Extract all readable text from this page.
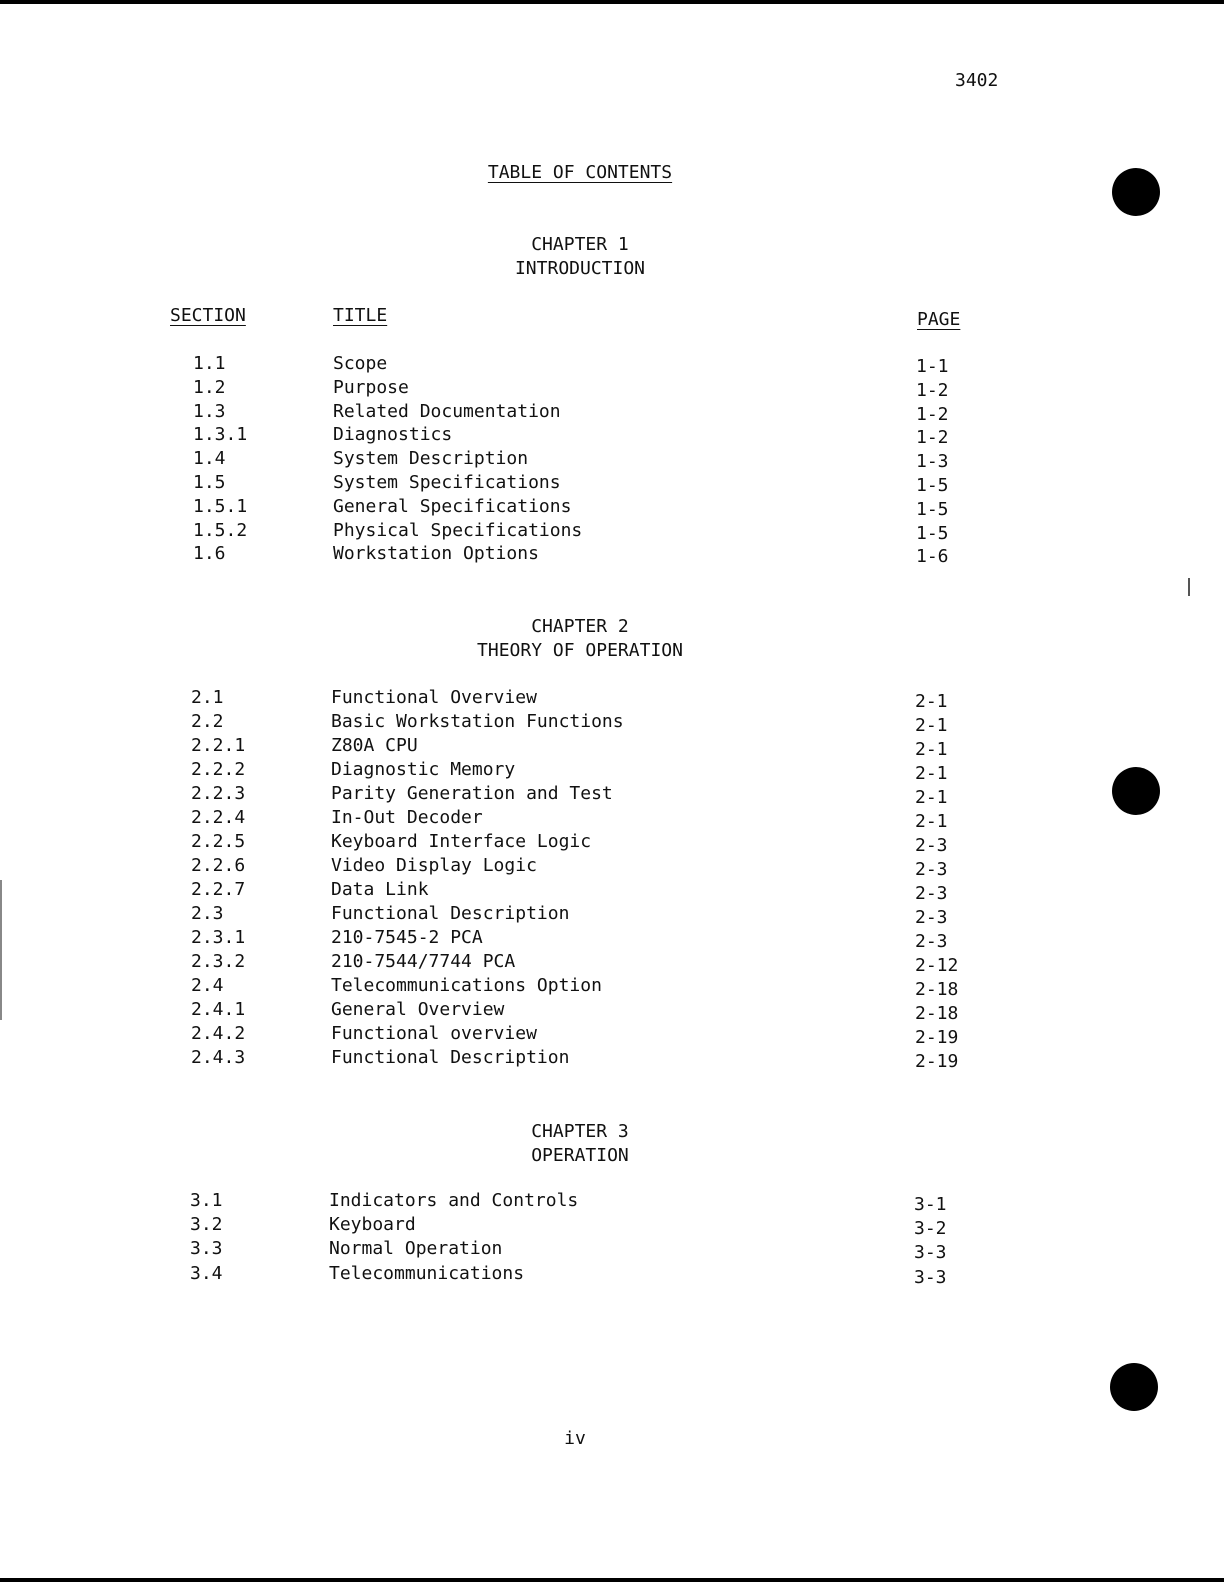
3402
TABLE OF CONTENTS
CHAPTER 1
INTRODUCTION
SECTION	TITLE	PAGE
1.1	Scope	1-1
1.2	Purpose	1-2
1.3	Related Documentation	1-2
1.3.1	Diagnostics	1-2
1.4	System Description	1-3
1.5	System Specifications	1-5
1.5.1	General Specifications	1-5
1.5.2	Physical Specifications	1-5
1.6	Workstation Options	1-6
CHAPTER 2
THEORY OF OPERATION
2.1	Functional Overview	2-1
2.2	Basic Workstation Functions	2-1
2.2.1	Z80A CPU	2-1
2.2.2	Diagnostic Memory	2-1
2.2.3	Parity Generation and Test	2-1
2.2.4	In-Out Decoder	2-1
2.2.5	Keyboard Interface Logic	2-3
2.2.6	Video Display Logic	2-3
2.2.7	Data Link	2-3
2.3	Functional Description	2-3
2.3.1	210-7545-2 PCA	2-3
2.3.2	210-7544/7744 PCA	2-12
2.4	Telecommunications Option	2-18
2.4.1	General Overview	2-18
2.4.2	Functional overview	2-19
2.4.3	Functional Description	2-19
CHAPTER 3
OPERATION
3.1	Indicators and Controls	3-1
3.2	Keyboard	3-2
3.3	Normal Operation	3-3
3.4	Telecommunications	3-3
iv
